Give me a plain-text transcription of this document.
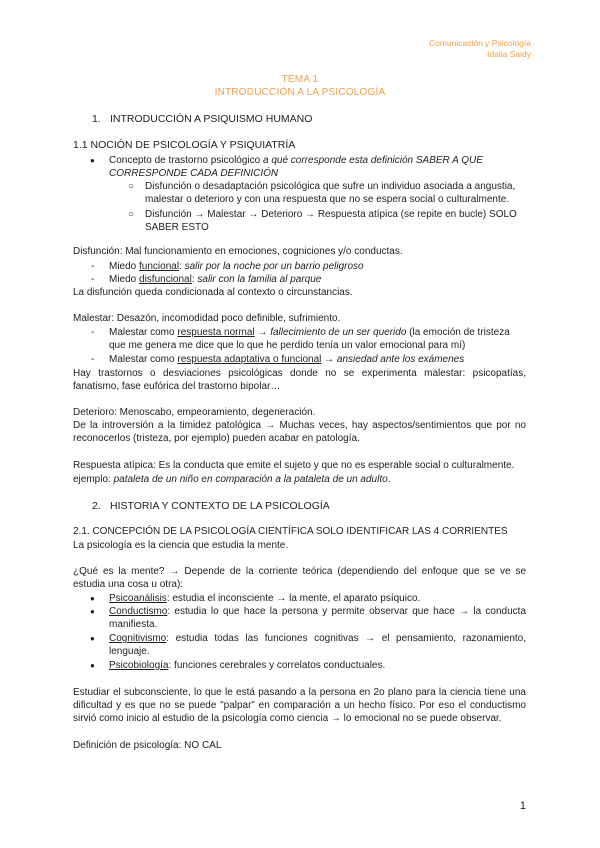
Comunicación y Psicología
Idalia Saidy
TEMA 1
INTRODUCCIÓN A LA PSICOLOGÍA
1. INTRODUCCIÓN A PSIQUISMO HUMANO
1.1 NOCIÓN DE PSICOLOGÍA Y PSIQUIATRÍA
● Concepto de trastorno psicológico a qué corresponde esta definición SABER A QUE
CORRESPONDE CADA DEFINICIÓN
○ Disfunción o desadaptación psicológica que sufre un individuo asociada a angustia,
malestar o deterioro y con una respuesta que no se espera social o culturalmente.
○ Disfunción → Malestar → Deterioro → Respuesta atípica (se repite en bucle) SOLO
SABER ESTO
Disfunción: Mal funcionamiento en emociones, cogniciones y/o conductas.
- Miedo funcional: salir por la noche por un barrio peligroso
- Miedo disfuncional: salir con la familia al parque
La disfunción queda condicionada al contexto o circunstancias.
Malestar: Desazón, incomodidad poco definible, sufrimiento.
- Malestar como respuesta normal → fallecimiento de un ser querido (la emoción de tristeza
que me genera me dice que lo que he perdido tenía un valor emocional para mí)
- Malestar como respuesta adaptativa o funcional → ansiedad ante los exámenes
Hay trastornos o desviaciones psicológicas donde no se experimenta malestar: psicopatías,
fanatismo, fase eufórica del trastorno bipolar…
Deterioro: Menoscabo, empeoramiento, degeneración.
De la introversión a la timidez patológica → Muchas veces, hay aspectos/sentimientos que por no
reconocerlos (tristeza, por ejemplo) pueden acabar en patología.
Respuesta atípica: Es la conducta que emite el sujeto y que no es esperable social o culturalmente.
ejemplo: pataleta de un niño en comparación a la pataleta de un adulto.
2. HISTORIA Y CONTEXTO DE LA PSICOLOGÍA
2.1. CONCEPCIÓN DE LA PSICOLOGÍA CIENTÍFICA SOLO IDENTIFICAR LAS 4 CORRIENTES
La psicología es la ciencia que estudia la mente.
¿Qué es la mente? → Depende de la corriente teórica (dependiendo del enfoque que se ve se
estudia una cosa u otra):
● Psicoanálisis: estudia el inconsciente → la mente, el aparato psíquico.
● Conductismo: estudia lo que hace la persona y permite observar que hace → la conducta
manifiesta.
● Cognitivismo: estudia todas las funciones cognitivas → el pensamiento, razonamiento,
lenguaje.
● Psicobiología: funciones cerebrales y correlatos conductuales.
Estudiar el subconsciente, lo que le está pasando a la persona en 2o plano para la ciencia tiene una
dificultad y es que no se puede "palpar" en comparación a un hecho físico. Por eso el conductismo
sirvió como inicio al estudio de la psicología como ciencia → lo emocional no se puede observar.
Definición de psicología: NO CAL
1
